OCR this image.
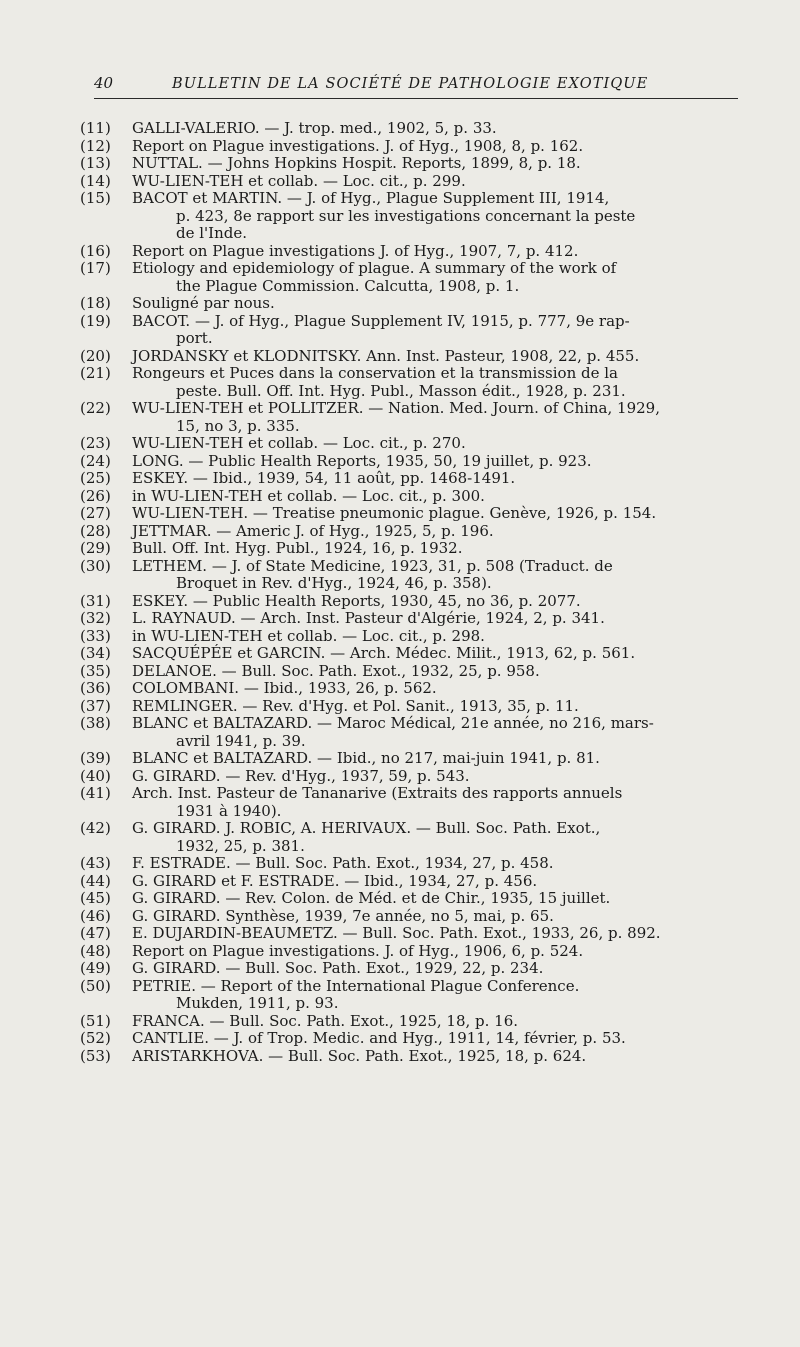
40	BULLETIN DE LA SOCIÉTÉ DE PATHOLOGIE EXOTIQUE
(11)	GALLI-VALERIO. — J. trop. med., 1902, 5, p. 33.
(12)	Report on Plague investigations. J. of Hyg., 1908, 8, p. 162.
(13)	NUTTAL. — Johns Hopkins Hospit. Reports, 1899, 8, p. 18.
(14)	WU-LIEN-TEH et collab. — Loc. cit., p. 299.
(15)	BACOT et MARTIN. — J. of Hyg., Plague Supplement III, 1914,
p. 423, 8e rapport sur les investigations concernant la peste
de l'Inde.
(16)	Report on Plague investigations J. of Hyg., 1907, 7, p. 412.
(17)	Etiology and epidemiology of plague. A summary of the work of
the Plague Commission. Calcutta, 1908, p. 1.
(18)	Souligné par nous.
(19)	BACOT. — J. of Hyg., Plague Supplement IV, 1915, p. 777, 9e rap-
port.
(20)	JORDANSKY et KLODNITSKY. Ann. Inst. Pasteur, 1908, 22, p. 455.
(21)	Rongeurs et Puces dans la conservation et la transmission de la
peste. Bull. Off. Int. Hyg. Publ., Masson édit., 1928, p. 231.
(22)	WU-LIEN-TEH et POLLITZER. — Nation. Med. Journ. of China, 1929,
15, no 3, p. 335.
(23)	WU-LIEN-TEH et collab. — Loc. cit., p. 270.
(24)	LONG. — Public Health Reports, 1935, 50, 19 juillet, p. 923.
(25)	ESKEY. — Ibid., 1939, 54, 11 août, pp. 1468-1491.
(26)	in WU-LIEN-TEH et collab. — Loc. cit., p. 300.
(27)	WU-LIEN-TEH. — Treatise pneumonic plague. Genève, 1926, p. 154.
(28)	JETTMAR. — Americ J. of Hyg., 1925, 5, p. 196.
(29)	Bull. Off. Int. Hyg. Publ., 1924, 16, p. 1932.
(30)	LETHEM. — J. of State Medicine, 1923, 31, p. 508 (Traduct. de
Broquet in Rev. d'Hyg., 1924, 46, p. 358).
(31)	ESKEY. — Public Health Reports, 1930, 45, no 36, p. 2077.
(32)	L. RAYNAUD. — Arch. Inst. Pasteur d'Algérie, 1924, 2, p. 341.
(33)	in WU-LIEN-TEH et collab. — Loc. cit., p. 298.
(34)	SACQUÉPÉE et GARCIN. — Arch. Médec. Milit., 1913, 62, p. 561.
(35)	DELANOE. — Bull. Soc. Path. Exot., 1932, 25, p. 958.
(36)	COLOMBANI. — Ibid., 1933, 26, p. 562.
(37)	REMLINGER. — Rev. d'Hyg. et Pol. Sanit., 1913, 35, p. 11.
(38)	BLANC et BALTAZARD. — Maroc Médical, 21e année, no 216, mars-
avril 1941, p. 39.
(39)	BLANC et BALTAZARD. — Ibid., no 217, mai-juin 1941, p. 81.
(40)	G. GIRARD. — Rev. d'Hyg., 1937, 59, p. 543.
(41)	Arch. Inst. Pasteur de Tananarive (Extraits des rapports annuels
1931 à 1940).
(42)	G. GIRARD. J. ROBIC, A. HERIVAUX. — Bull. Soc. Path. Exot.,
1932, 25, p. 381.
(43)	F. ESTRADE. — Bull. Soc. Path. Exot., 1934, 27, p. 458.
(44)	G. GIRARD et F. ESTRADE. — Ibid., 1934, 27, p. 456.
(45)	G. GIRARD. — Rev. Colon. de Méd. et de Chir., 1935, 15 juillet.
(46)	G. GIRARD. Synthèse, 1939, 7e année, no 5, mai, p. 65.
(47)	E. DUJARDIN-BEAUMETZ. — Bull. Soc. Path. Exot., 1933, 26, p. 892.
(48)	Report on Plague investigations. J. of Hyg., 1906, 6, p. 524.
(49)	G. GIRARD. — Bull. Soc. Path. Exot., 1929, 22, p. 234.
(50)	PETRIE. — Report of the International Plague Conference.
Mukden, 1911, p. 93.
(51)	FRANCA. — Bull. Soc. Path. Exot., 1925, 18, p. 16.
(52)	CANTLIE. — J. of Trop. Medic. and Hyg., 1911, 14, février, p. 53.
(53)	ARISTARKHOVA. — Bull. Soc. Path. Exot., 1925, 18, p. 624.
